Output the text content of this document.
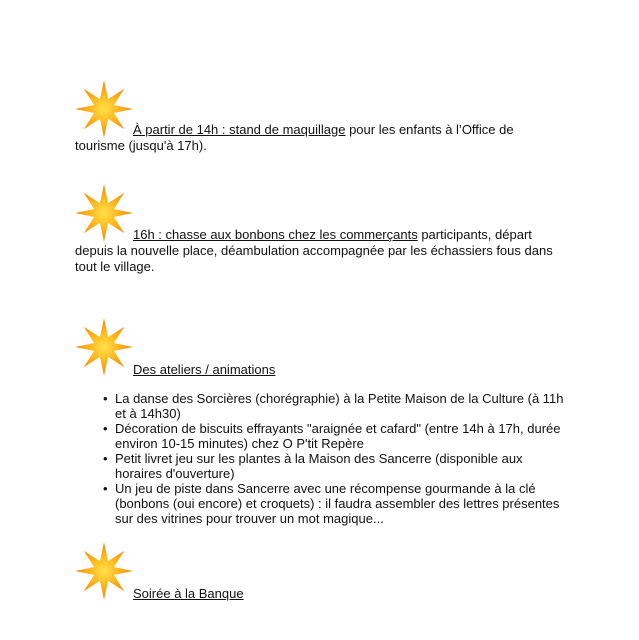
À partir de 14h : stand de maquillage pour les enfants à l’Office de tourisme (jusqu'à 17h).
16h : chasse aux bonbons chez les commerçants participants, départ depuis la nouvelle place, déambulation accompagnée par les échassiers fous dans tout le village.
Des ateliers / animations
• La danse des Sorcières (chorégraphie) à la Petite Maison de la Culture (à 11h et à 14h30)
• Décoration de biscuits effrayants "araignée et cafard" (entre 14h à 17h, durée environ 10-15 minutes) chez O P'tit Repère
• Petit livret jeu sur les plantes à la Maison des Sancerre (disponible aux horaires d'ouverture)
• Un jeu de piste dans Sancerre avec une récompense gourmande à la clé (bonbons (oui encore) et croquets) : il faudra assembler des lettres présentes sur des vitrines pour trouver un mot magique...
Soirée à la Banque
